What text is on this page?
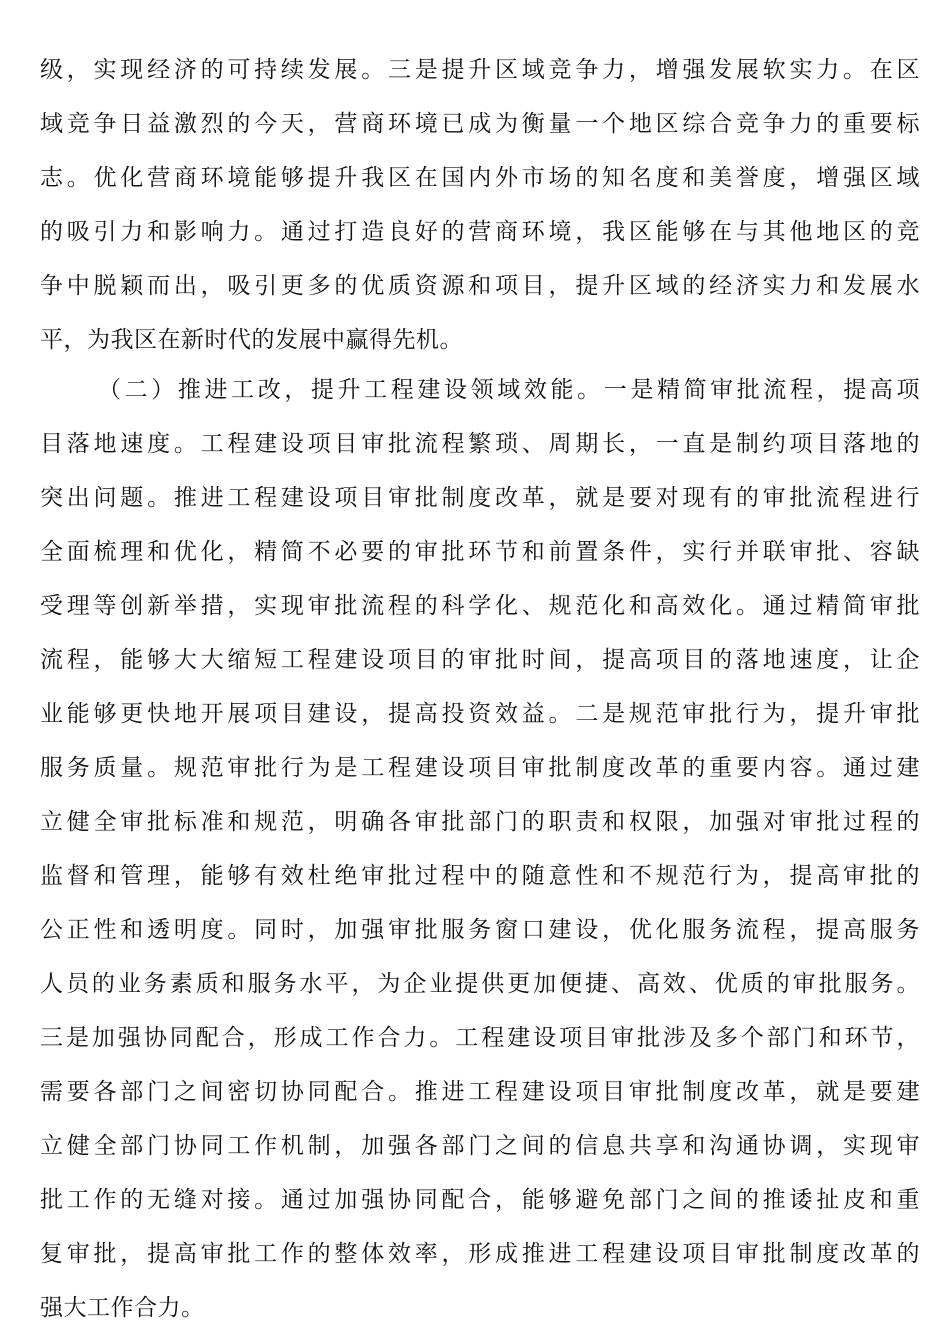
级，实现经济的可持续发展。三是提升区域竞争力，增强发展软实力。在区
域竞争日益激烈的今天，营商环境已成为衡量一个地区综合竞争力的重要标
志。优化营商环境能够提升我区在国内外市场的知名度和美誉度，增强区域
的吸引力和影响力。通过打造良好的营商环境，我区能够在与其他地区的竞
争中脱颖而出，吸引更多的优质资源和项目，提升区域的经济实力和发展水
平，为我区在新时代的发展中赢得先机。
（二）推进工改，提升工程建设领域效能。一是精简审批流程，提高项
目落地速度。工程建设项目审批流程繁琐、周期长，一直是制约项目落地的
突出问题。推进工程建设项目审批制度改革，就是要对现有的审批流程进行
全面梳理和优化，精简不必要的审批环节和前置条件，实行并联审批、容缺
受理等创新举措，实现审批流程的科学化、规范化和高效化。通过精简审批
流程，能够大大缩短工程建设项目的审批时间，提高项目的落地速度，让企
业能够更快地开展项目建设，提高投资效益。二是规范审批行为，提升审批
服务质量。规范审批行为是工程建设项目审批制度改革的重要内容。通过建
立健全审批标准和规范，明确各审批部门的职责和权限，加强对审批过程的
监督和管理，能够有效杜绝审批过程中的随意性和不规范行为，提高审批的
公正性和透明度。同时，加强审批服务窗口建设，优化服务流程，提高服务
人员的业务素质和服务水平，为企业提供更加便捷、高效、优质的审批服务。
三是加强协同配合，形成工作合力。工程建设项目审批涉及多个部门和环节，
需要各部门之间密切协同配合。推进工程建设项目审批制度改革，就是要建
立健全部门协同工作机制，加强各部门之间的信息共享和沟通协调，实现审
批工作的无缝对接。通过加强协同配合，能够避免部门之间的推诿扯皮和重
复审批，提高审批工作的整体效率，形成推进工程建设项目审批制度改革的
强大工作合力。
